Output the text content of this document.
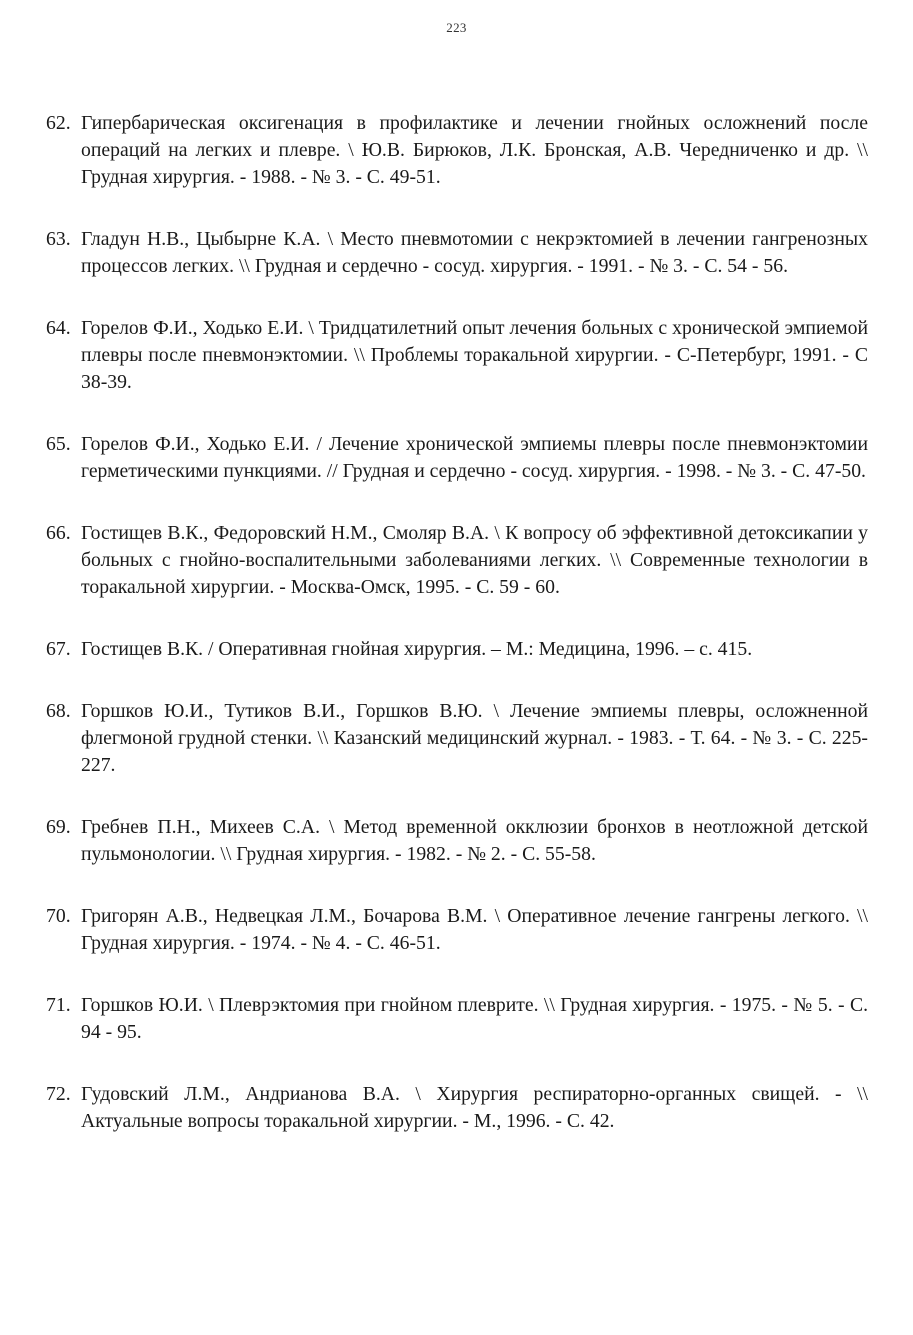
223
62. Гипербарическая оксигенация в профилактике и лечении гнойных осложнений после операций на легких и плевре. \ Ю.В. Бирюков, Л.К. Бронская, А.В. Чередниченко и др. \\ Грудная хирургия. - 1988. - № 3. - С. 49-51.
63. Гладун Н.В., Цыбырне К.А. \ Место пневмотомии с некрэктомией в лечении гангренозных процессов легких. \\ Грудная и сердечно - сосуд. хирургия. - 1991. - № 3. - С. 54 - 56.
64. Горелов Ф.И., Ходько Е.И. \ Тридцатилетний опыт лечения больных с хронической эмпиемой плевры после пневмонэктомии. \\ Проблемы торакальной хирургии. - С-Петербург, 1991. - С 38-39.
65. Горелов Ф.И., Ходько Е.И. / Лечение хронической эмпиемы плевры после пневмонэктомии герметическими пункциями. // Грудная и сердечно - сосуд. хирургия. - 1998. - № 3. - С. 47-50.
66. Гостищев В.К., Федоровский Н.М., Смоляр В.А. \ К вопросу об эффективной детоксикапии у больных с гнойно-воспалительными заболеваниями легких. \\ Современные технологии в торакальной хирургии. - Москва-Омск, 1995. - С. 59 - 60.
67. Гостищев В.К. / Оперативная гнойная хирургия. – М.: Медицина, 1996. – с. 415.
68. Горшков Ю.И., Тутиков В.И., Горшков В.Ю. \ Лечение эмпиемы плевры, осложненной флегмоной грудной стенки. \\ Казанский медицинский журнал. - 1983. - Т. 64. - № 3. - С. 225-227.
69. Гребнев П.Н., Михеев С.А. \ Метод временной окклюзии бронхов в неотложной детской пульмонологии. \\ Грудная хирургия. - 1982. - № 2. - С. 55-58.
70. Григорян А.В., Недвецкая Л.М., Бочарова В.М. \ Оперативное лечение гангрены легкого. \\ Грудная хирургия. - 1974. - № 4. - С. 46-51.
71. Горшков Ю.И. \ Плеврэктомия при гнойном плеврите. \\ Грудная хирургия. - 1975. - № 5. - С. 94 - 95.
72. Гудовский Л.М., Андрианова В.А. \ Хирургия респираторно-органных свищей. - \\ Актуальные вопросы торакальной хирургии. - М., 1996. - С. 42.
